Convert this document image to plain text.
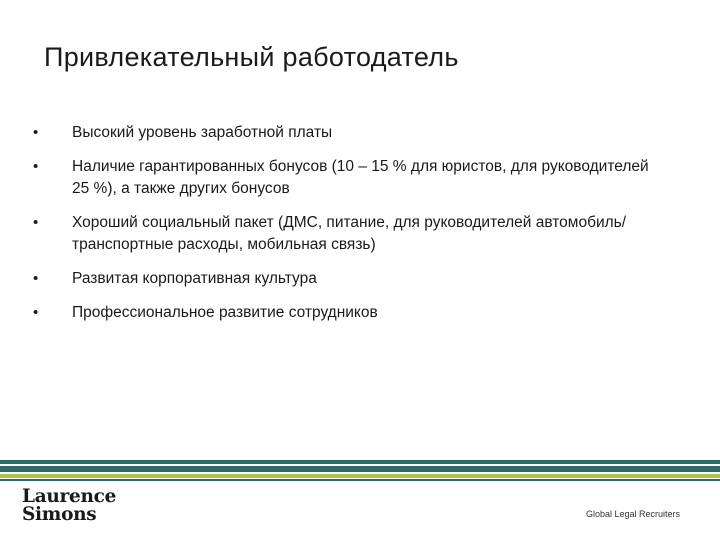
Привлекательный работодатель
• Высокий уровень заработной платы
• Наличие гарантированных бонусов (10 – 15 % для юристов, для руководителей 25 %), а также других бонусов
• Хороший социальный пакет (ДМС, питание, для руководителей автомобиль/транспортные расходы, мобильная связь)
• Развитая корпоративная культура
• Профессиональное развитие сотрудников
Laurence
Simons	Global Legal Recruiters
